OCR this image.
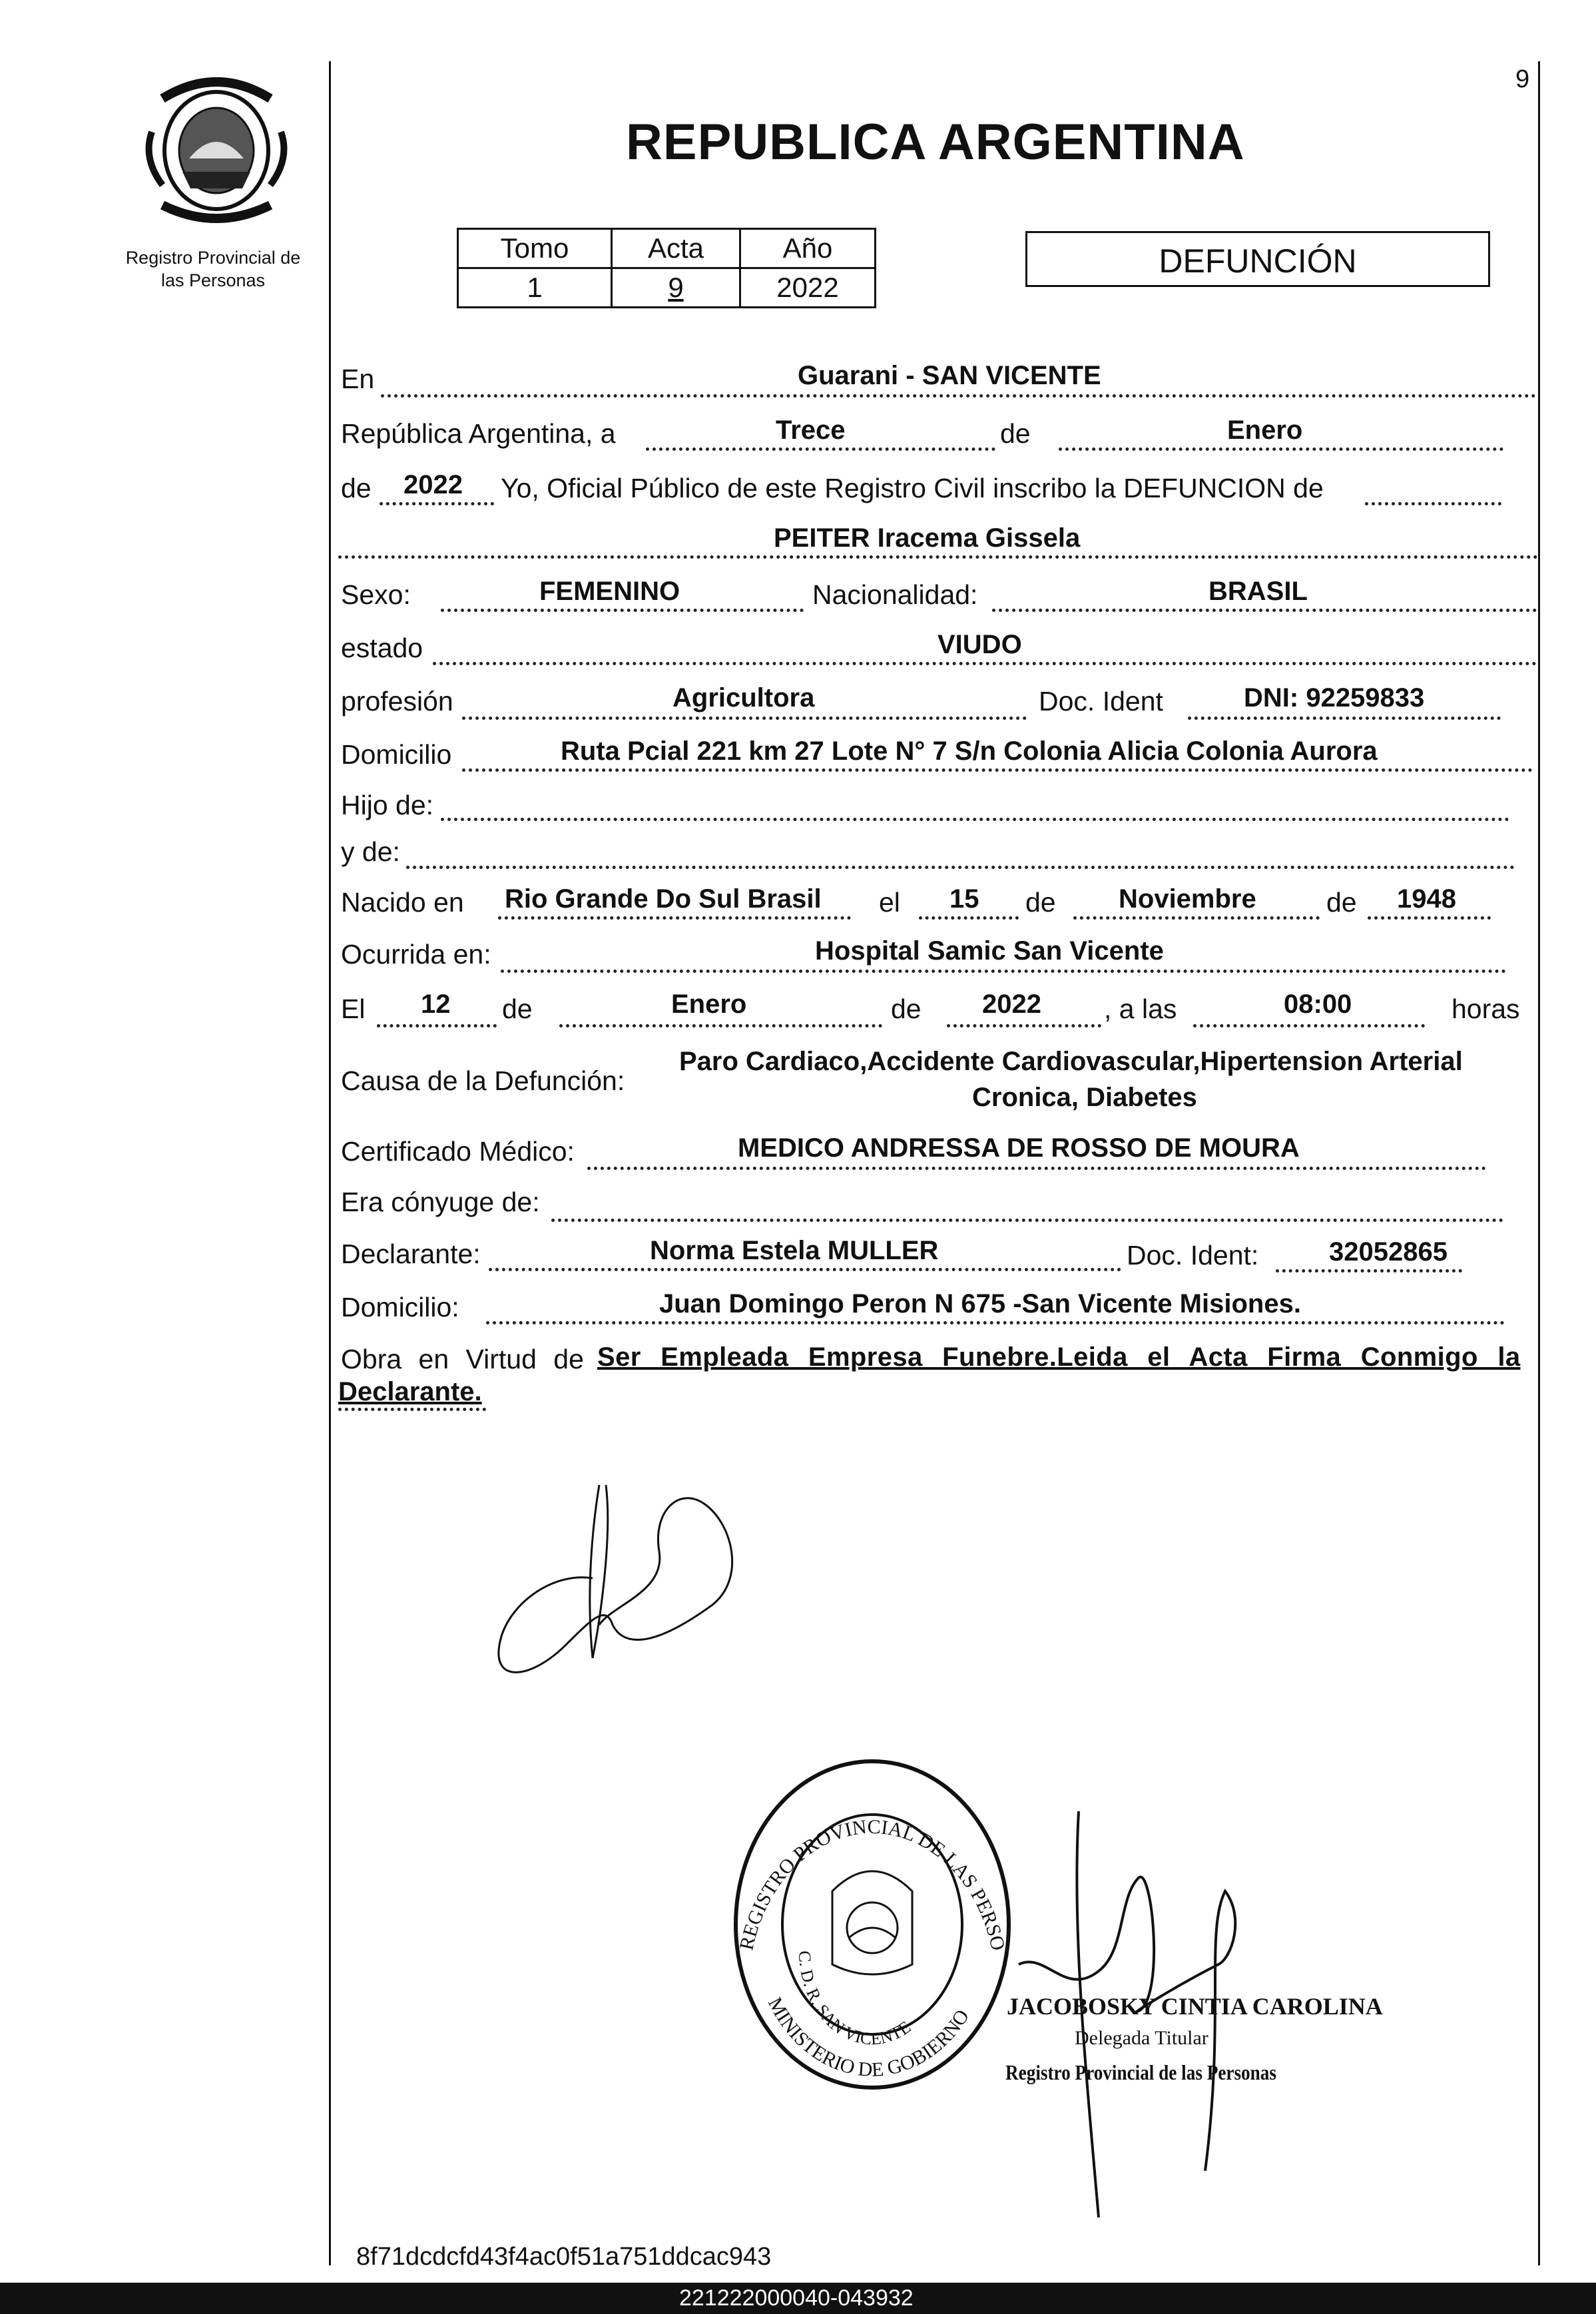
Registro Provincial de
las Personas
9
REPUBLICA ARGENTINA
Tomo	Acta	Año
1	9	2022
DEFUNCIÓN
En	Guarani - SAN VICENTE
República Argentina, a	Trece	de	Enero
de 2022 Yo, Oficial Público de este Registro Civil inscribo la DEFUNCION de
PEITER Iracema Gissela
Sexo:	FEMENINO	Nacionalidad:	BRASIL
estado	VIUDO
profesión	Agricultora	Doc. Ident	DNI: 92259833
Domicilio	Ruta Pcial 221 km 27 Lote N° 7 S/n Colonia Alicia Colonia Aurora
Hijo de:
y de:
Nacido en Rio Grande Do Sul Brasil el 15 de Noviembre	de 1948
Ocurrida en:	Hospital Samic San Vicente
El 12 de	Enero	de 2022 , a las	08:00	horas
Causa de la Defunción:
Paro Cardiaco,Accidente Cardiovascular,Hipertension Arterial
Cronica, Diabetes
Certificado Médico:	MEDICO ANDRESSA DE ROSSO DE MOURA
Era cónyuge de:
Declarante:	Norma Estela MULLER	Doc. Ident:	32052865
Domicilio:	Juan Domingo Peron N 675 -San Vicente Misiones.
Obra en Virtud de Ser Empleada Empresa Funebre.Leida el Acta Firma Conmigo la
Declarante.
REGISTRO PROVINCIAL DE LAS PERSONAS
MINISTERIO DE GOBIERNO
C. D. R. SAN VICENTE
JACOBOSKY CINTIA CAROLINA
Delegada Titular
Registro Provincial de las Personas
8f71dcdcfd43f4ac0f51a751ddcac943
221222000040-043932
